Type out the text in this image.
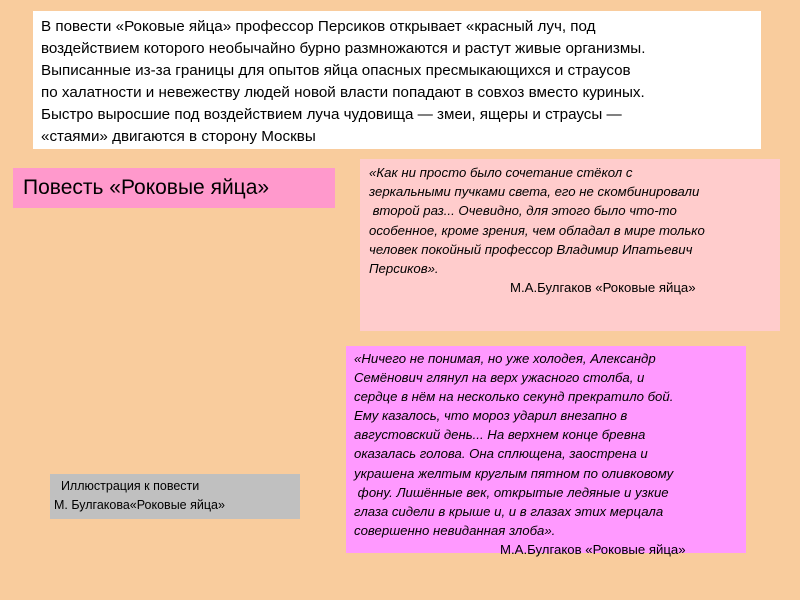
В повести «Роковые яйца» профессор Персиков открывает «красный луч, под
воздействием которого необычайно бурно размножаются и растут живые организмы.
Выписанные из-за границы для опытов яйца опасных пресмыкающихся и страусов
по халатности и невежеству людей новой власти попадают в совхоз вместо куриных.
Быстро выросшие под воздействием луча чудовища — змеи, ящеры и страусы —
«стаями» двигаются в сторону Москвы
Повесть «Роковые яйца»
«Как ни просто было сочетание стёкол с
зеркальными пучками света, его не скомбинировали
второй раз... Очевидно, для этого было что-то
особенное, кроме зрения, чем обладал в мире только
человек покойный профессор Владимир Ипатьевич
Персиков».
М.А.Булгаков «Роковые яйца»
«Ничего не понимая, но уже холодея, Александр
Семёнович глянул на верх ужасного столба, и
сердце в нём на несколько секунд прекратило бой.
Ему казалось, что мороз ударил внезапно в
августовский день... На верхнем конце бревна
оказалась голова. Она сплющена, заострена и
украшена желтым круглым пятном по оливковому
фону. Лишённые век, открытые ледяные и узкие
глаза сидели в крыше и, и в глазах этих мерцала
совершенно невиданная злоба».
М.А.Булгаков «Роковые яйца»
Иллюстрация к повести
М. Булгакова«Роковые яйца»
